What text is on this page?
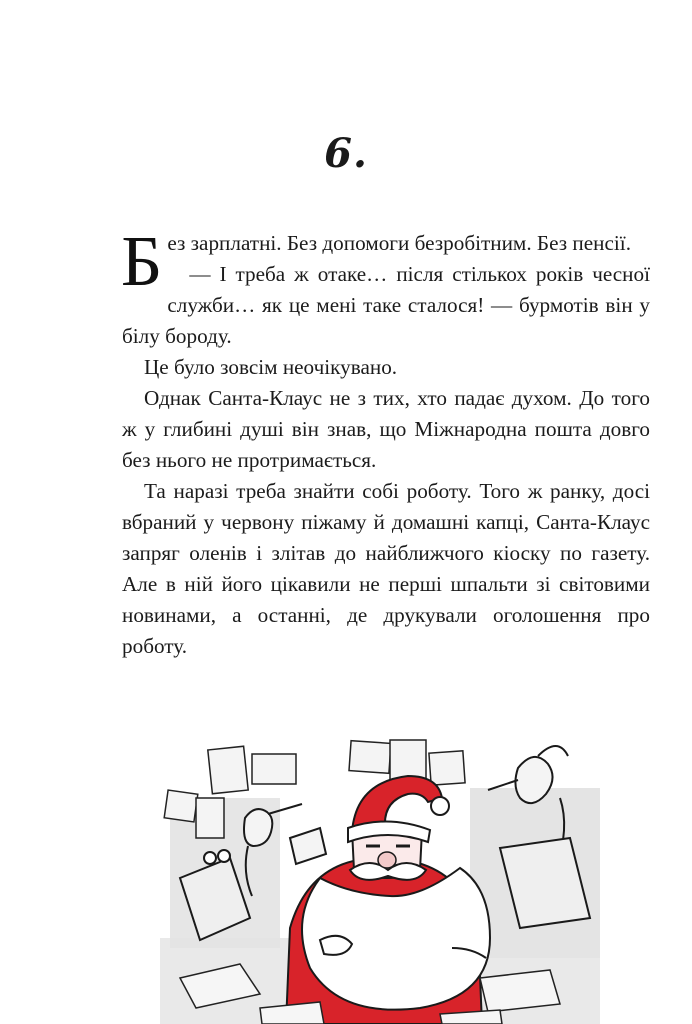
6.

Без зарплатні. Без допомоги безробітним. Без пенсії.

— І треба ж отаке… після стількох років чесної служби… як це мені таке сталося! — бурмотів він у білу бороду.

Це було зовсім неочікувано.

Однак Санта-Клаус не з тих, хто падає духом. До того ж у глибині душі він знав, що Міжнародна пошта довго без нього не протримається.

Та наразі треба знайти собі роботу. Того ж ранку, досі вбраний у червону піжаму й домашні капці, Санта-Клаус запряг оленів і злітав до найближчого кіоску по газету. Але в ній його цікавили не перші шпальти зі світовими новинами, а останні, де друкували оголошення про роботу.
